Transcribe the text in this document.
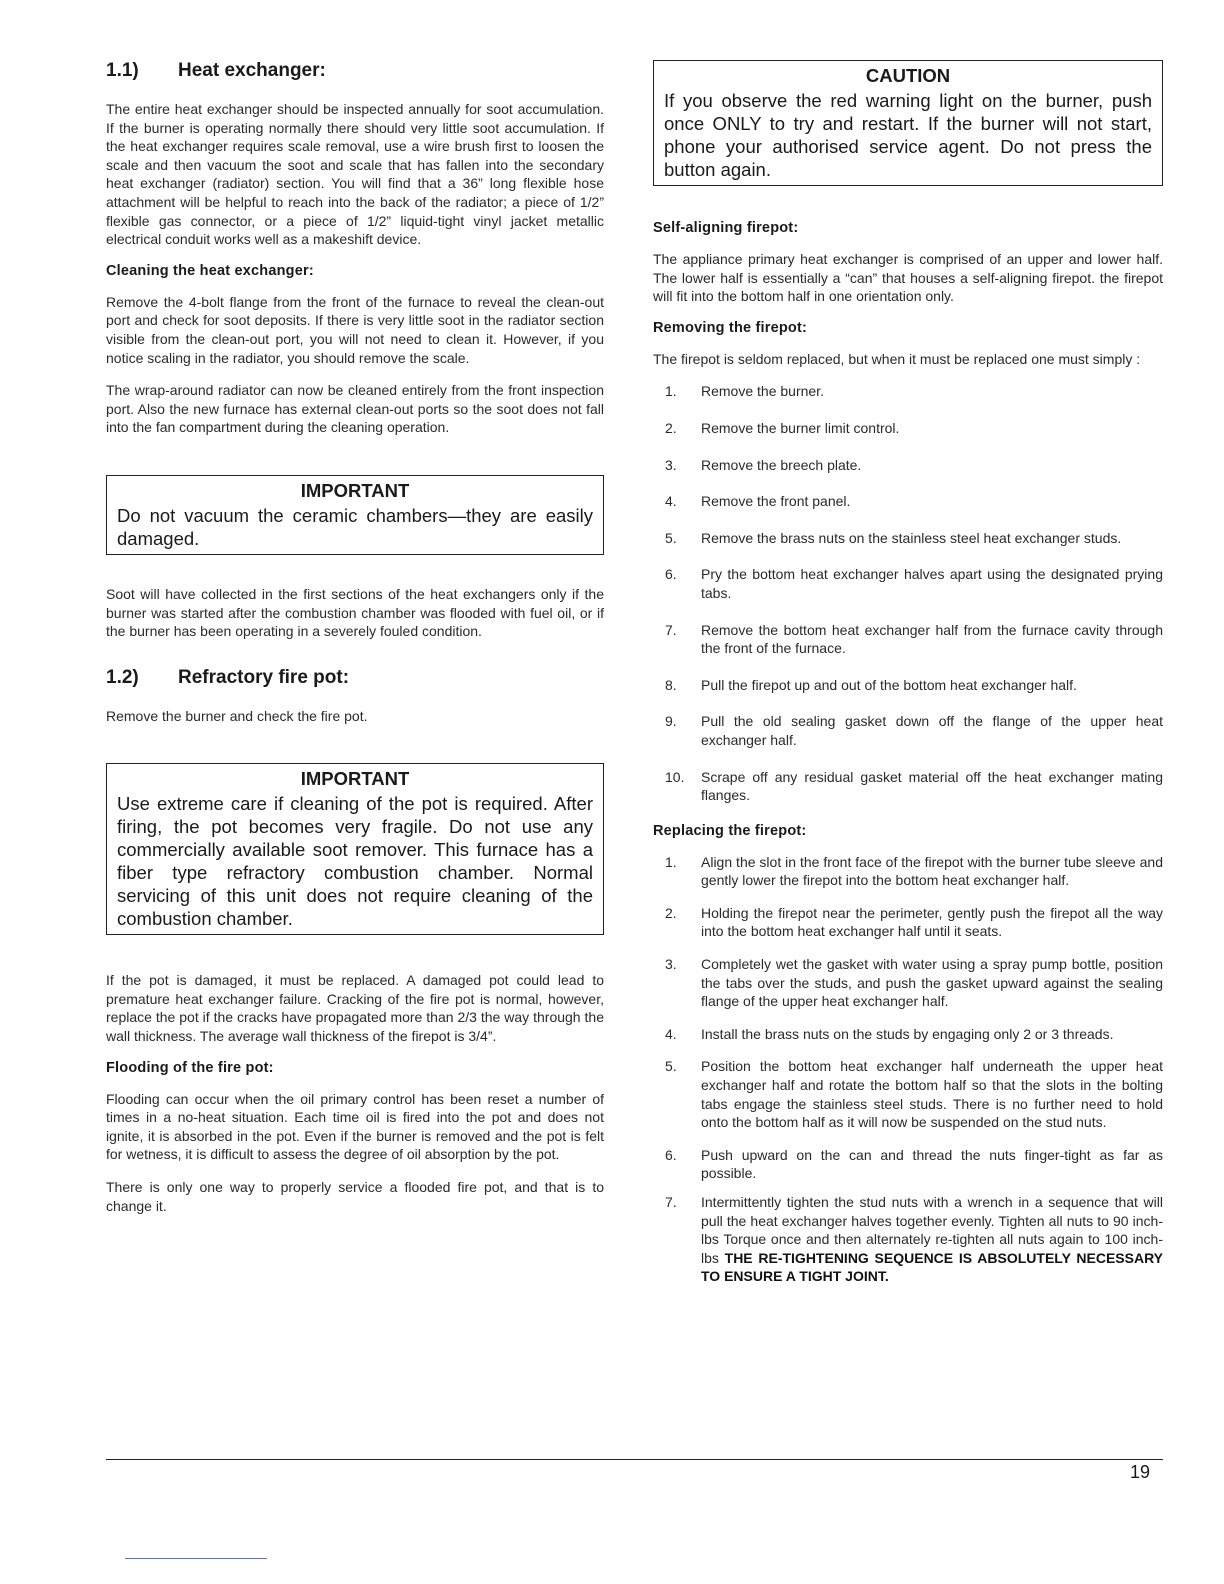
1.1)	Heat exchanger:
The entire heat exchanger should be inspected annually for soot accumulation. If the burner is operating normally there should very little soot accumulation. If the heat exchanger requires scale removal, use a wire brush first to loosen the scale and then vacuum the soot and scale that has fallen into the secondary heat exchanger (radiator) section. You will find that a 36” long flexible hose attachment will be helpful to reach into the back of the radiator; a piece of 1/2” flexible gas connector, or a piece of 1/2” liquid-tight vinyl jacket metallic electrical conduit works well as a makeshift device.
Cleaning the heat exchanger:
Remove the 4-bolt flange from the front of the furnace to reveal the clean-out port and check for soot deposits. If there is very little soot in the radiator section visible from the clean-out port, you will not need to clean it. However, if you notice scaling in the radiator, you should remove the scale.
The wrap-around radiator can now be cleaned entirely from the front inspection port. Also the new furnace has external clean-out ports so the soot does not fall into the fan compartment during the cleaning operation.
IMPORTANT
Do not vacuum the ceramic chambers—they are easily damaged.
Soot will have collected in the first sections of the heat exchangers only if the burner was started after the combustion chamber was flooded with fuel oil, or if the burner has been operating in a severely fouled condition.
1.2)	Refractory fire pot:
Remove the burner and check the fire pot.
IMPORTANT
Use extreme care if cleaning of the pot is required. After firing, the pot becomes very fragile. Do not use any commercially available soot remover. This furnace has a fiber type refractory combustion chamber. Normal servicing of this unit does not require cleaning of the combustion chamber.
If the pot is damaged, it must be replaced. A damaged pot could lead to premature heat exchanger failure. Cracking of the fire pot is normal, however, replace the pot if the cracks have propagated more than 2/3 the way through the wall thickness. The average wall thickness of the firepot is 3/4”.
Flooding of the fire pot:
Flooding can occur when the oil primary control has been reset a number of times in a no-heat situation. Each time oil is fired into the pot and does not ignite, it is absorbed in the pot. Even if the burner is removed and the pot is felt for wetness, it is difficult to assess the degree of oil absorption by the pot.
There is only one way to properly service a flooded fire pot, and that is to change it.
CAUTION
If you observe the red warning light on the burner, push once ONLY to try and restart. If the burner will not start, phone your authorised service agent. Do not press the button again.
Self-aligning firepot:
The appliance primary heat exchanger is comprised of an upper and lower half. The lower half is essentially a “can” that houses a self-aligning firepot. the firepot will fit into the bottom half in one orientation only.
Removing the firepot:
The firepot is seldom replaced, but when it must be replaced one must simply :
1.	Remove the burner.
2.	Remove the burner limit control.
3.	Remove the breech plate.
4.	Remove the front panel.
5.	Remove the brass nuts on the stainless steel heat exchanger studs.
6.	Pry the bottom heat exchanger halves apart using the designated prying tabs.
7.	Remove the bottom heat exchanger half from the furnace cavity through the front of the furnace.
8.	Pull the firepot up and out of the bottom heat exchanger half.
9.	Pull the old sealing gasket down off the flange of the upper heat exchanger half.
10.	Scrape off any residual gasket material off the heat exchanger mating flanges.
Replacing the firepot:
1.	Align the slot in the front face of the firepot with the burner tube sleeve and gently lower the firepot into the bottom heat exchanger half.
2.	Holding the firepot near the perimeter, gently push the firepot all the way into the bottom heat exchanger half until it seats.
3.	Completely wet the gasket with water using a spray pump bottle, position the tabs over the studs, and push the gasket upward against the sealing flange of the upper heat exchanger half.
4.	Install the brass nuts on the studs by engaging only 2 or 3 threads.
5.	Position the bottom heat exchanger half underneath the upper heat exchanger half and rotate the bottom half so that the slots in the bolting tabs engage the stainless steel studs. There is no further need to hold onto the bottom half as it will now be suspended on the stud nuts.
6.	Push upward on the can and thread the nuts finger-tight as far as possible.
7.	Intermittently tighten the stud nuts with a wrench in a sequence that will pull the heat exchanger halves together evenly. Tighten all nuts to 90 inch-lbs Torque once and then alternately re-tighten all nuts again to 100 inch-lbs THE RE-TIGHTENING SEQUENCE IS ABSOLUTELY NECESSARY TO ENSURE A TIGHT JOINT.
19
